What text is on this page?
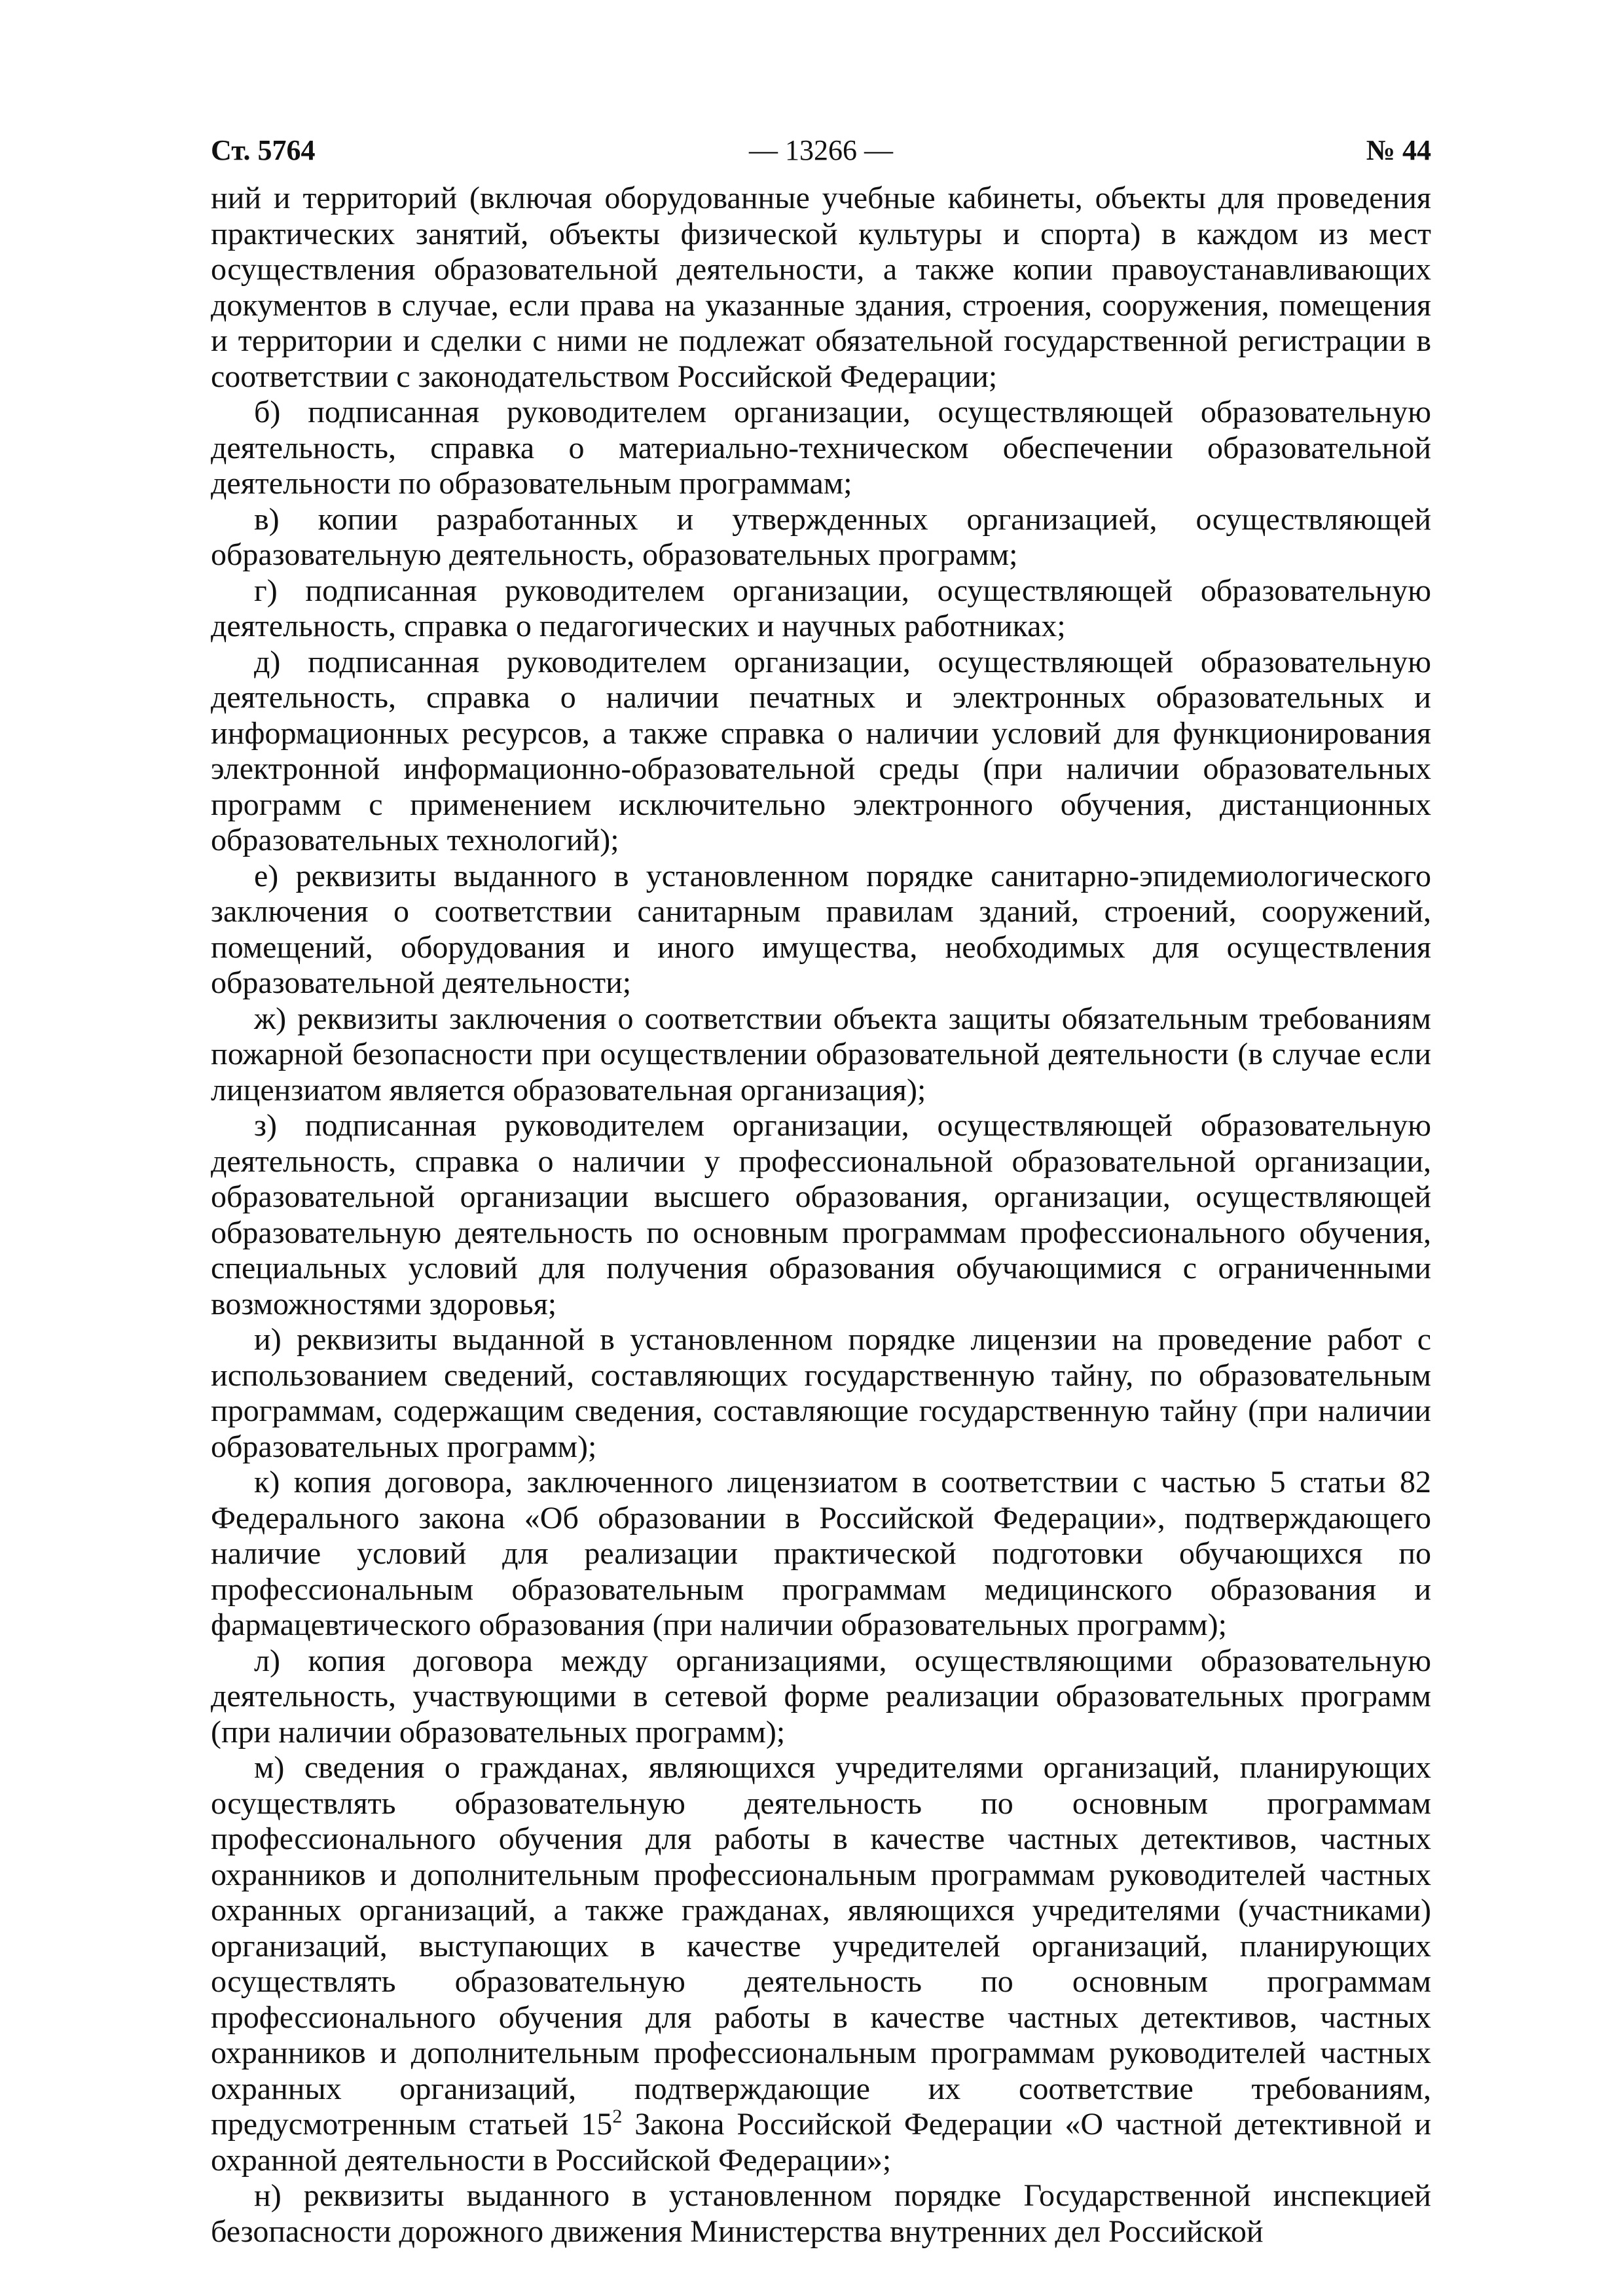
Ст. 5764	— 13266 —	№ 44

ний и территорий (включая оборудованные учебные кабинеты, объекты для проведения практических занятий, объекты физической культуры и спорта) в каждом из мест осуществления образовательной деятельности, а также копии правоустанавливающих документов в случае, если права на указанные здания, строения, сооружения, помещения и территории и сделки с ними не подлежат обязательной государственной регистрации в соответствии с законодательством Российской Федерации;

б) подписанная руководителем организации, осуществляющей образовательную деятельность, справка о материально-техническом обеспечении образовательной деятельности по образовательным программам;

в) копии разработанных и утвержденных организацией, осуществляющей образовательную деятельность, образовательных программ;

г) подписанная руководителем организации, осуществляющей образовательную деятельность, справка о педагогических и научных работниках;

д) подписанная руководителем организации, осуществляющей образовательную деятельность, справка о наличии печатных и электронных образовательных и информационных ресурсов, а также справка о наличии условий для функционирования электронной информационно-образовательной среды (при наличии образовательных программ с применением исключительно электронного обучения, дистанционных образовательных технологий);

е) реквизиты выданного в установленном порядке санитарно-эпидемиологического заключения о соответствии санитарным правилам зданий, строений, сооружений, помещений, оборудования и иного имущества, необходимых для осуществления образовательной деятельности;

ж) реквизиты заключения о соответствии объекта защиты обязательным требованиям пожарной безопасности при осуществлении образовательной деятельности (в случае если лицензиатом является образовательная организация);

з) подписанная руководителем организации, осуществляющей образовательную деятельность, справка о наличии у профессиональной образовательной организации, образовательной организации высшего образования, организации, осуществляющей образовательную деятельность по основным программам профессионального обучения, специальных условий для получения образования обучающимися с ограниченными возможностями здоровья;

и) реквизиты выданной в установленном порядке лицензии на проведение работ с использованием сведений, составляющих государственную тайну, по образовательным программам, содержащим сведения, составляющие государственную тайну (при наличии образовательных программ);

к) копия договора, заключенного лицензиатом в соответствии с частью 5 статьи 82 Федерального закона «Об образовании в Российской Федерации», подтверждающего наличие условий для реализации практической подготовки обучающихся по профессиональным образовательным программам медицинского образования и фармацевтического образования (при наличии образовательных программ);

л) копия договора между организациями, осуществляющими образовательную деятельность, участвующими в сетевой форме реализации образовательных программ (при наличии образовательных программ);

м) сведения о гражданах, являющихся учредителями организаций, планирующих осуществлять образовательную деятельность по основным программам профессионального обучения для работы в качестве частных детективов, частных охранников и дополнительным профессиональным программам руководителей частных охранных организаций, а также гражданах, являющихся учредителями (участниками) организаций, выступающих в качестве учредителей организаций, планирующих осуществлять образовательную деятельность по основным программам профессионального обучения для работы в качестве частных детективов, частных охранников и дополнительным профессиональным программам руководителей частных охранных организаций, подтверждающие их соответствие требованиям, предусмотренным статьей $15^2$ Закона Российской Федерации «О частной детективной и охранной деятельности в Российской Федерации»;

н) реквизиты выданного в установленном порядке Государственной инспекцией безопасности дорожного движения Министерства внутренних дел Российской
